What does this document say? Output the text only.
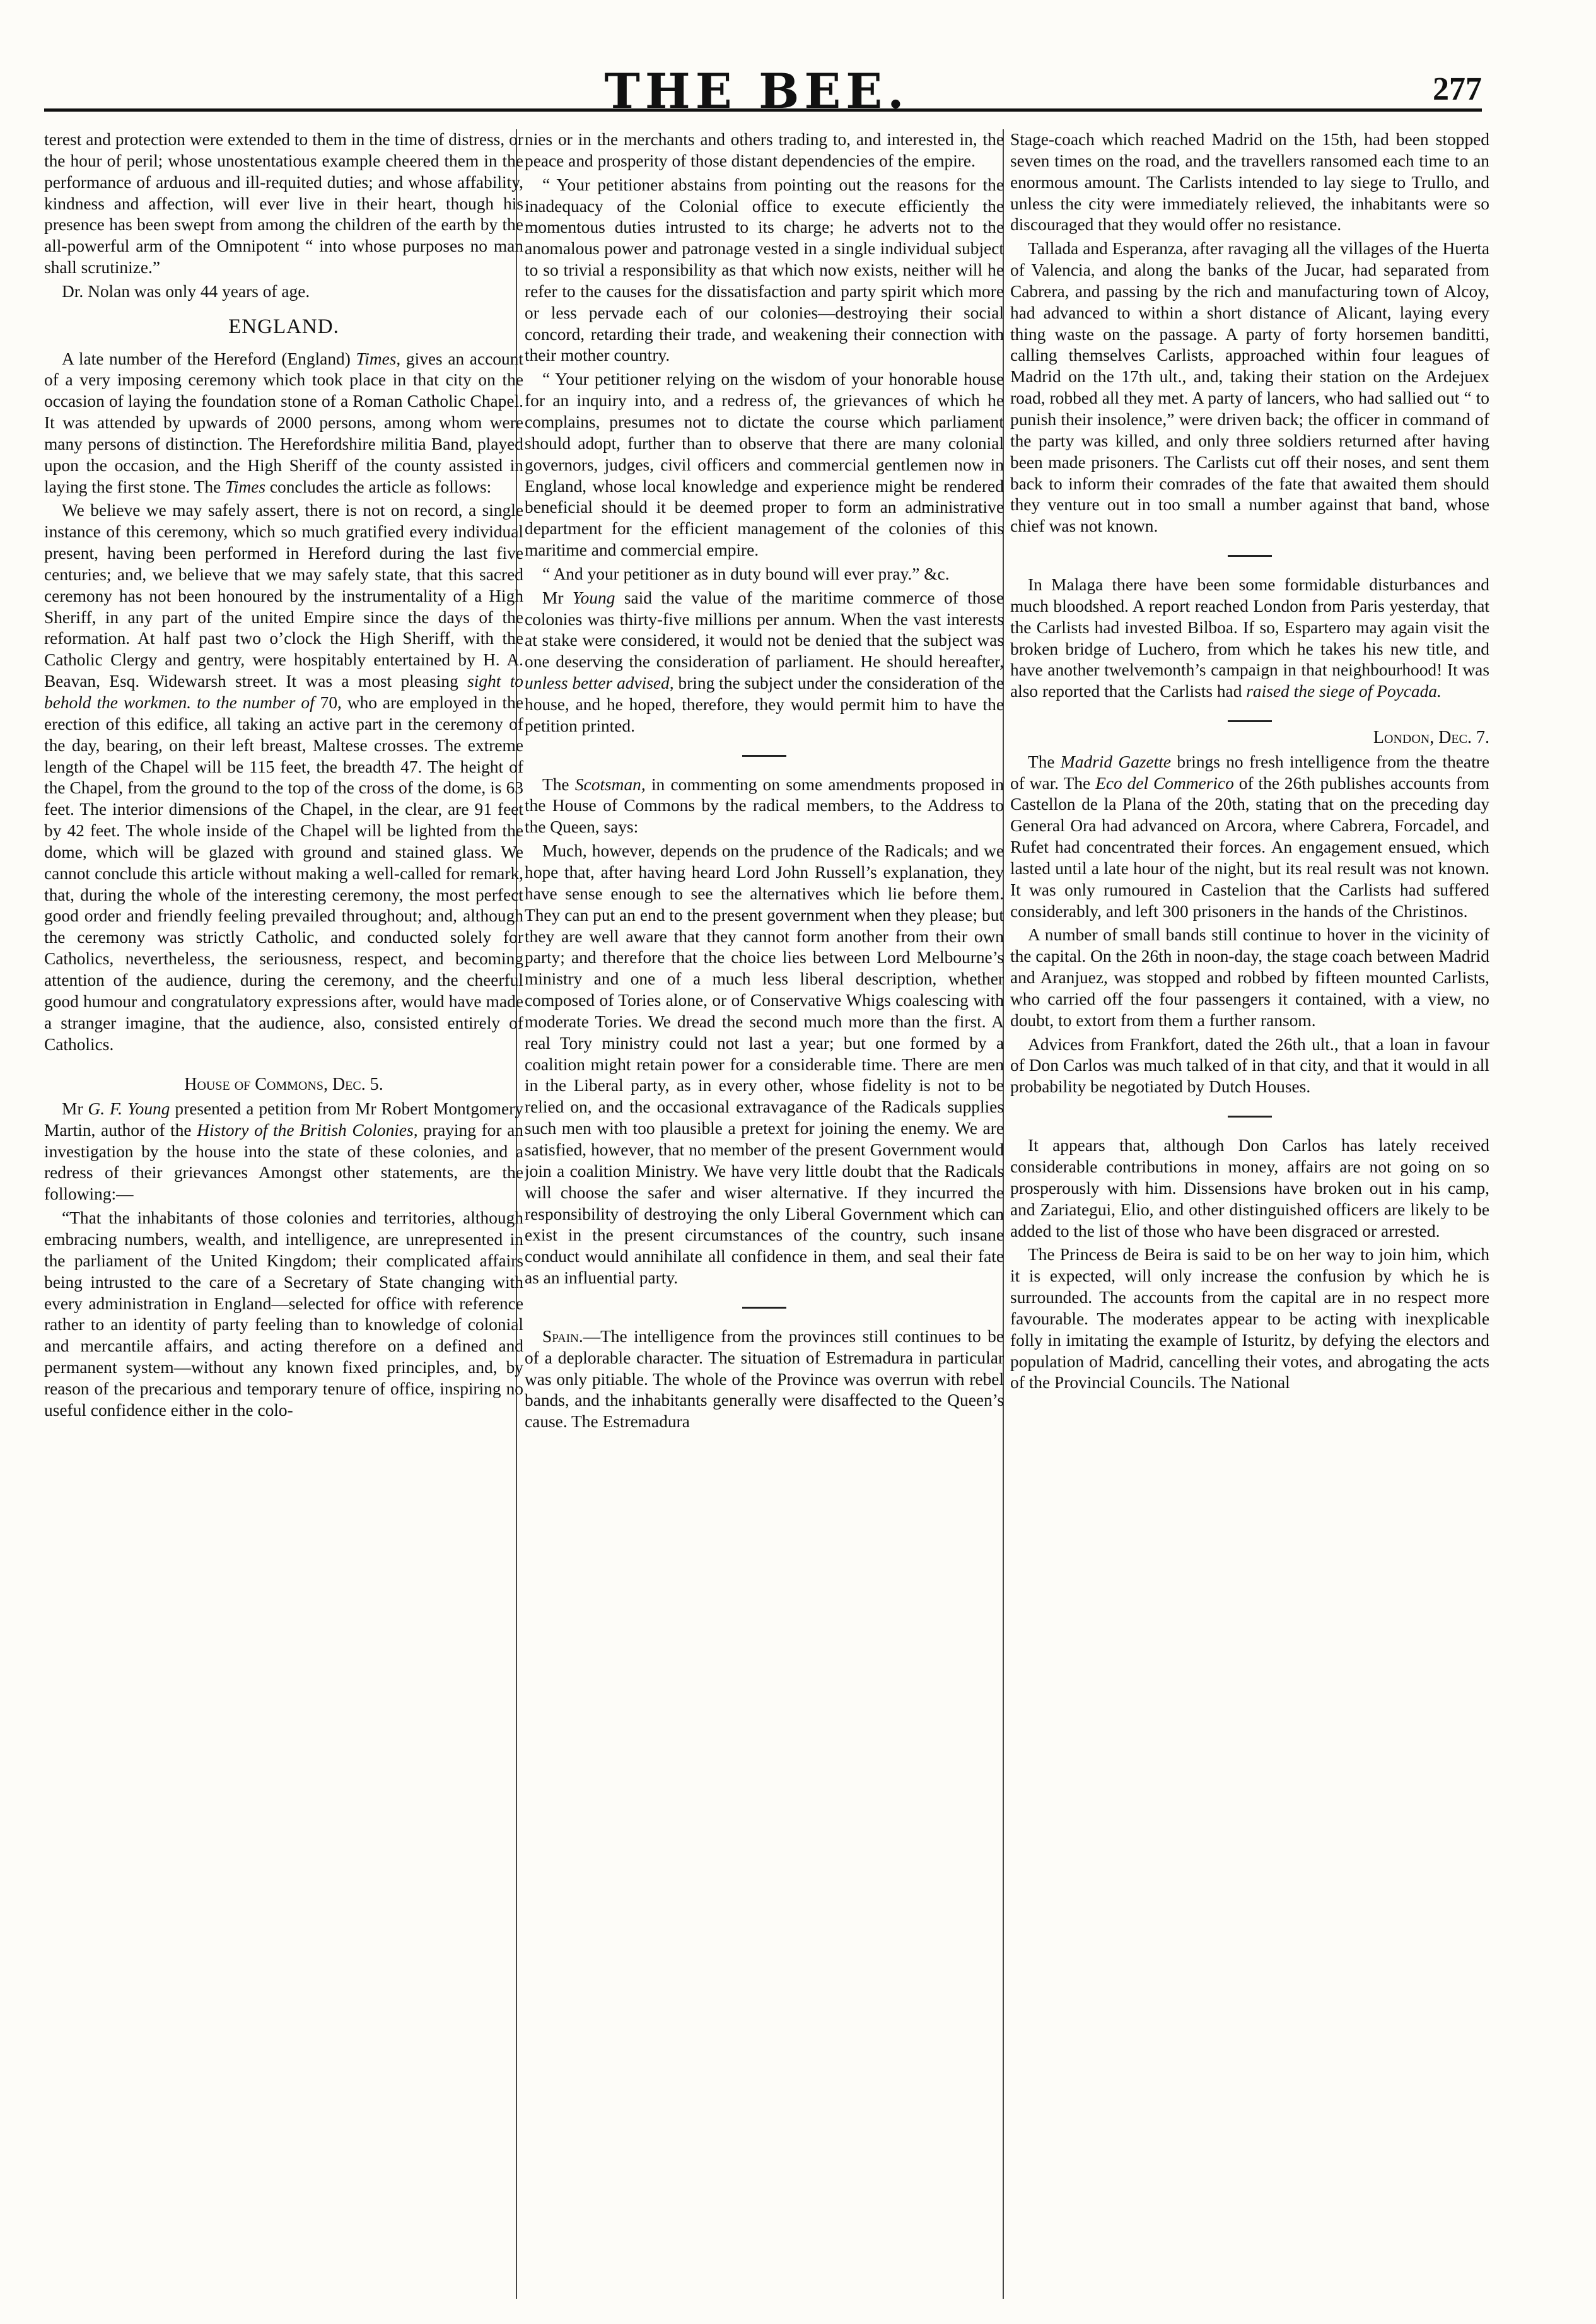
THE BEE.	277

terest and protection were extended to them in the time of distress, or the hour of peril; whose unostentatious example cheered them in the performance of arduous and ill-requited duties; and whose affability, kindness and affection, will ever live in their heart, though his presence has been swept from among the children of the earth by the all-powerful arm of the Omnipotent “ into whose purposes no man shall scrutinize.”

Dr. Nolan was only 44 years of age.

ENGLAND.

A late number of the Hereford (England) Times, gives an account of a very imposing ceremony which took place in that city on the occasion of laying the foundation stone of a Roman Catholic Chapel. It was attended by upwards of 2000 persons, among whom were many persons of distinction. The Herefordshire militia Band, played upon the occasion, and the High Sheriff of the county assisted in laying the first stone. The Times concludes the article as follows:

We believe we may safely assert, there is not on record, a single instance of this ceremony, which so much gratified every individual present, having been performed in Hereford during the last five centuries; and, we believe that we may safely state, that this sacred ceremony has not been honoured by the instrumentality of a High Sheriff, in any part of the united Empire since the days of the reformation. At half past two o’clock the High Sheriff, with the Catholic Clergy and gentry, were hospitably entertained by H. A. Beavan, Esq. Widewarsh street. It was a most pleasing sight to behold the workmen. to the number of 70, who are employed in the erection of this edifice, all taking an active part in the ceremony of the day, bearing, on their left breast, Maltese crosses. The extreme length of the Chapel will be 115 feet, the breadth 47. The height of the Chapel, from the ground to the top of the cross of the dome, is 63 feet. The interior dimensions of the Chapel, in the clear, are 91 feet by 42 feet. The whole inside of the Chapel will be lighted from the dome, which will be glazed with ground and stained glass. We cannot conclude this article without making a well-called for remark, that, during the whole of the interesting ceremony, the most perfect good order and friendly feeling prevailed throughout; and, although the ceremony was strictly Catholic, and conducted solely for Catholics, nevertheless, the seriousness, respect, and becoming attention of the audience, during the ceremony, and the cheerful good humour and congratulatory expressions after, would have made a stranger imagine, that the audience, also, consisted entirely of Catholics.

House of Commons, Dec. 5.

Mr G. F. Young presented a petition from Mr Robert Montgomery Martin, author of the History of the British Colonies, praying for an investigation by the house into the state of these colonies, and a redress of their grievances Amongst other statements, are the following:—

“That the inhabitants of those colonies and territories, although embracing numbers, wealth, and intelligence, are unrepresented in the parliament of the United Kingdom; their complicated affairs being intrusted to the care of a Secretary of State changing with every administration in England—selected for office with reference rather to an identity of party feeling than to knowledge of colonial and mercantile affairs, and acting therefore on a defined and permanent system—without any known fixed principles, and, by reason of the precarious and temporary tenure of office, inspiring no useful confidence either in the colo-

nies or in the merchants and others trading to, and interested in, the peace and prosperity of those distant dependencies of the empire.

“ Your petitioner abstains from pointing out the reasons for the inadequacy of the Colonial office to execute efficiently the momentous duties intrusted to its charge; he adverts not to the anomalous power and patronage vested in a single individual subject to so trivial a responsibility as that which now exists, neither will he refer to the causes for the dissatisfaction and party spirit which more or less pervade each of our colonies—destroying their social concord, retarding their trade, and weakening their connection with their mother country.

“ Your petitioner relying on the wisdom of your honorable house for an inquiry into, and a redress of, the grievances of which he complains, presumes not to dictate the course which parliament should adopt, further than to observe that there are many colonial governors, judges, civil officers and commercial gentlemen now in England, whose local knowledge and experience might be rendered beneficial should it be deemed proper to form an administrative department for the efficient management of the colonies of this maritime and commercial empire.

“ And your petitioner as in duty bound will ever pray.” &c.

Mr Young said the value of the maritime commerce of those colonies was thirty-five millions per annum. When the vast interests at stake were considered, it would not be denied that the subject was one deserving the consideration of parliament. He should hereafter, unless better advised, bring the subject under the consideration of the house, and he hoped, therefore, they would permit him to have the petition printed.

The Scotsman, in commenting on some amendments proposed in the House of Commons by the radical members, to the Address to the Queen, says:

Much, however, depends on the prudence of the Radicals; and we hope that, after having heard Lord John Russell’s explanation, they have sense enough to see the alternatives which lie before them. They can put an end to the present government when they please; but they are well aware that they cannot form another from their own party; and therefore that the choice lies between Lord Melbourne’s ministry and one of a much less liberal description, whether composed of Tories alone, or of Conservative Whigs coalescing with moderate Tories. We dread the second much more than the first. A real Tory ministry could not last a year; but one formed by a coalition might retain power for a considerable time. There are men in the Liberal party, as in every other, whose fidelity is not to be relied on, and the occasional extravagance of the Radicals supplies such men with too plausible a pretext for joining the enemy. We are satisfied, however, that no member of the present Government would join a coalition Ministry. We have very little doubt that the Radicals will choose the safer and wiser alternative. If they incurred the responsibility of destroying the only Liberal Government which can exist in the present circumstances of the country, such insane conduct would annihilate all confidence in them, and seal their fate as an influential party.

Spain.—The intelligence from the provinces still continues to be of a deplorable character. The situation of Estremadura in particular was only pitiable. The whole of the Province was overrun with rebel bands, and the inhabitants generally were disaffected to the Queen’s cause. The Estremadura

Stage-coach which reached Madrid on the 15th, had been stopped seven times on the road, and the travellers ransomed each time to an enormous amount. The Carlists intended to lay siege to Trullo, and unless the city were immediately relieved, the inhabitants were so discouraged that they would offer no resistance.

Tallada and Esperanza, after ravaging all the villages of the Huerta of Valencia, and along the banks of the Jucar, had separated from Cabrera, and passing by the rich and manufacturing town of Alcoy, had advanced to within a short distance of Alicant, laying every thing waste on the passage. A party of forty horsemen banditti, calling themselves Carlists, approached within four leagues of Madrid on the 17th ult., and, taking their station on the Ardejuex road, robbed all they met. A party of lancers, who had sallied out “ to punish their insolence,” were driven back; the officer in command of the party was killed, and only three soldiers returned after having been made prisoners. The Carlists cut off their noses, and sent them back to inform their comrades of the fate that awaited them should they venture out in too small a number against that band, whose chief was not known.

In Malaga there have been some formidable disturbances and much bloodshed. A report reached London from Paris yesterday, that the Carlists had invested Bilboa. If so, Espartero may again visit the broken bridge of Luchero, from which he takes his new title, and have another twelvemonth’s campaign in that neighbourhood! It was also reported that the Carlists had raised the siege of Poycada.

London, Dec. 7.

The Madrid Gazette brings no fresh intelligence from the theatre of war. The Eco del Commerico of the 26th publishes accounts from Castellon de la Plana of the 20th, stating that on the preceding day General Ora had advanced on Arcora, where Cabrera, Forcadel, and Rufet had concentrated their forces. An engagement ensued, which lasted until a late hour of the night, but its real result was not known. It was only rumoured in Castelion that the Carlists had suffered considerably, and left 300 prisoners in the hands of the Christinos.

A number of small bands still continue to hover in the vicinity of the capital. On the 26th in noon-day, the stage coach between Madrid and Aranjuez, was stopped and robbed by fifteen mounted Carlists, who carried off the four passengers it contained, with a view, no doubt, to extort from them a further ransom.

Advices from Frankfort, dated the 26th ult., that a loan in favour of Don Carlos was much talked of in that city, and that it would in all probability be negotiated by Dutch Houses.

It appears that, although Don Carlos has lately received considerable contributions in money, affairs are not going on so prosperously with him. Dissensions have broken out in his camp, and Zariategui, Elio, and other distinguished officers are likely to be added to the list of those who have been disgraced or arrested.

The Princess de Beira is said to be on her way to join him, which it is expected, will only increase the confusion by which he is surrounded. The accounts from the capital are in no respect more favourable. The moderates appear to be acting with inexplicable folly in imitating the example of Isturitz, by defying the electors and population of Madrid, cancelling their votes, and abrogating the acts of the Provincial Councils. The National
